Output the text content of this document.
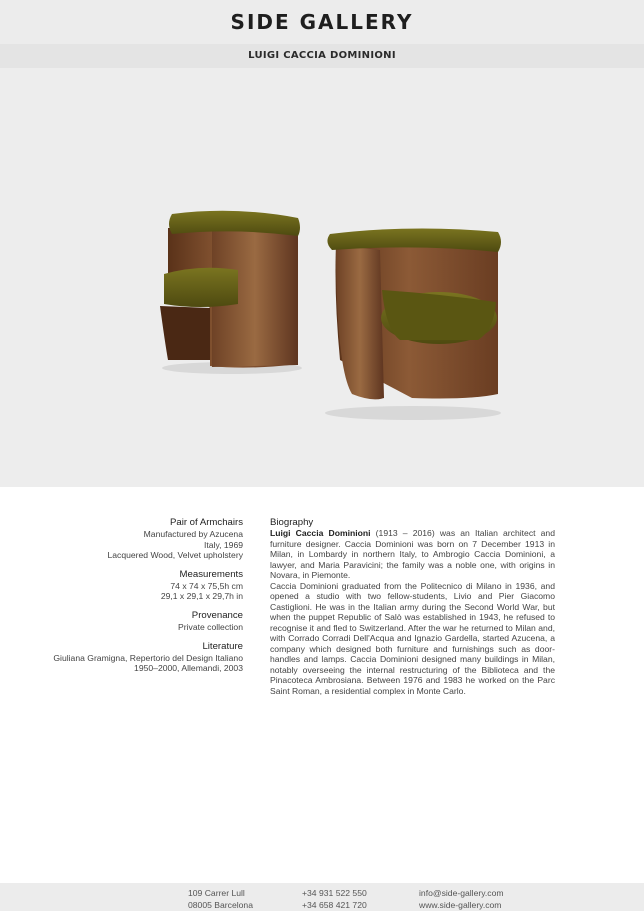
SIDE GALLERY
LUIGI CACCIA DOMINIONI
Pair of Armchairs
Manufactured by Azucena
Italy, 1969
Lacquered Wood, Velvet upholstery
Measurements
74 x 74 x 75,5h cm
29,1 x 29,1 x 29,7h in
Provenance
Private collection
Literature
Giuliana Gramigna, Repertorio del Design Italiano
1950–2000, Allemandi, 2003
Biography

Luigi Caccia Dominioni (1913 – 2016) was an Italian architect and furniture designer. Caccia Dominioni was born on 7 December 1913 in Milan, in Lombardy in northern Italy, to Ambrogio Caccia Dominioni, a lawyer, and Maria Paravicini; the family was a noble one, with origins in Novara, in Piemonte.

Caccia Dominioni graduated from the Politecnico di Milano in 1936, and opened a studio with two fellow-students, Livio and Pier Giacomo Castiglioni. He was in the Italian army during the Second World War, but when the puppet Republic of Salò was established in 1943, he refused to recognise it and fled to Switzerland. After the war he returned to Milan and, with Corrado Corradi Dell'Acqua and Ignazio Gardella, started Azucena, a company which designed both furniture and furnishings such as door-handles and lamps. Caccia Dominioni designed many buildings in Milan, notably overseeing the internal restructuring of the Biblioteca and the Pinacoteca Ambrosiana. Between 1976 and 1983 he worked on the Parc Saint Roman, a residential complex in Monte Carlo.

109 Carrer Lull
08005 Barcelona
+34 931 522 550
+34 658 421 720
info@side-gallery.com
www.side-gallery.com
